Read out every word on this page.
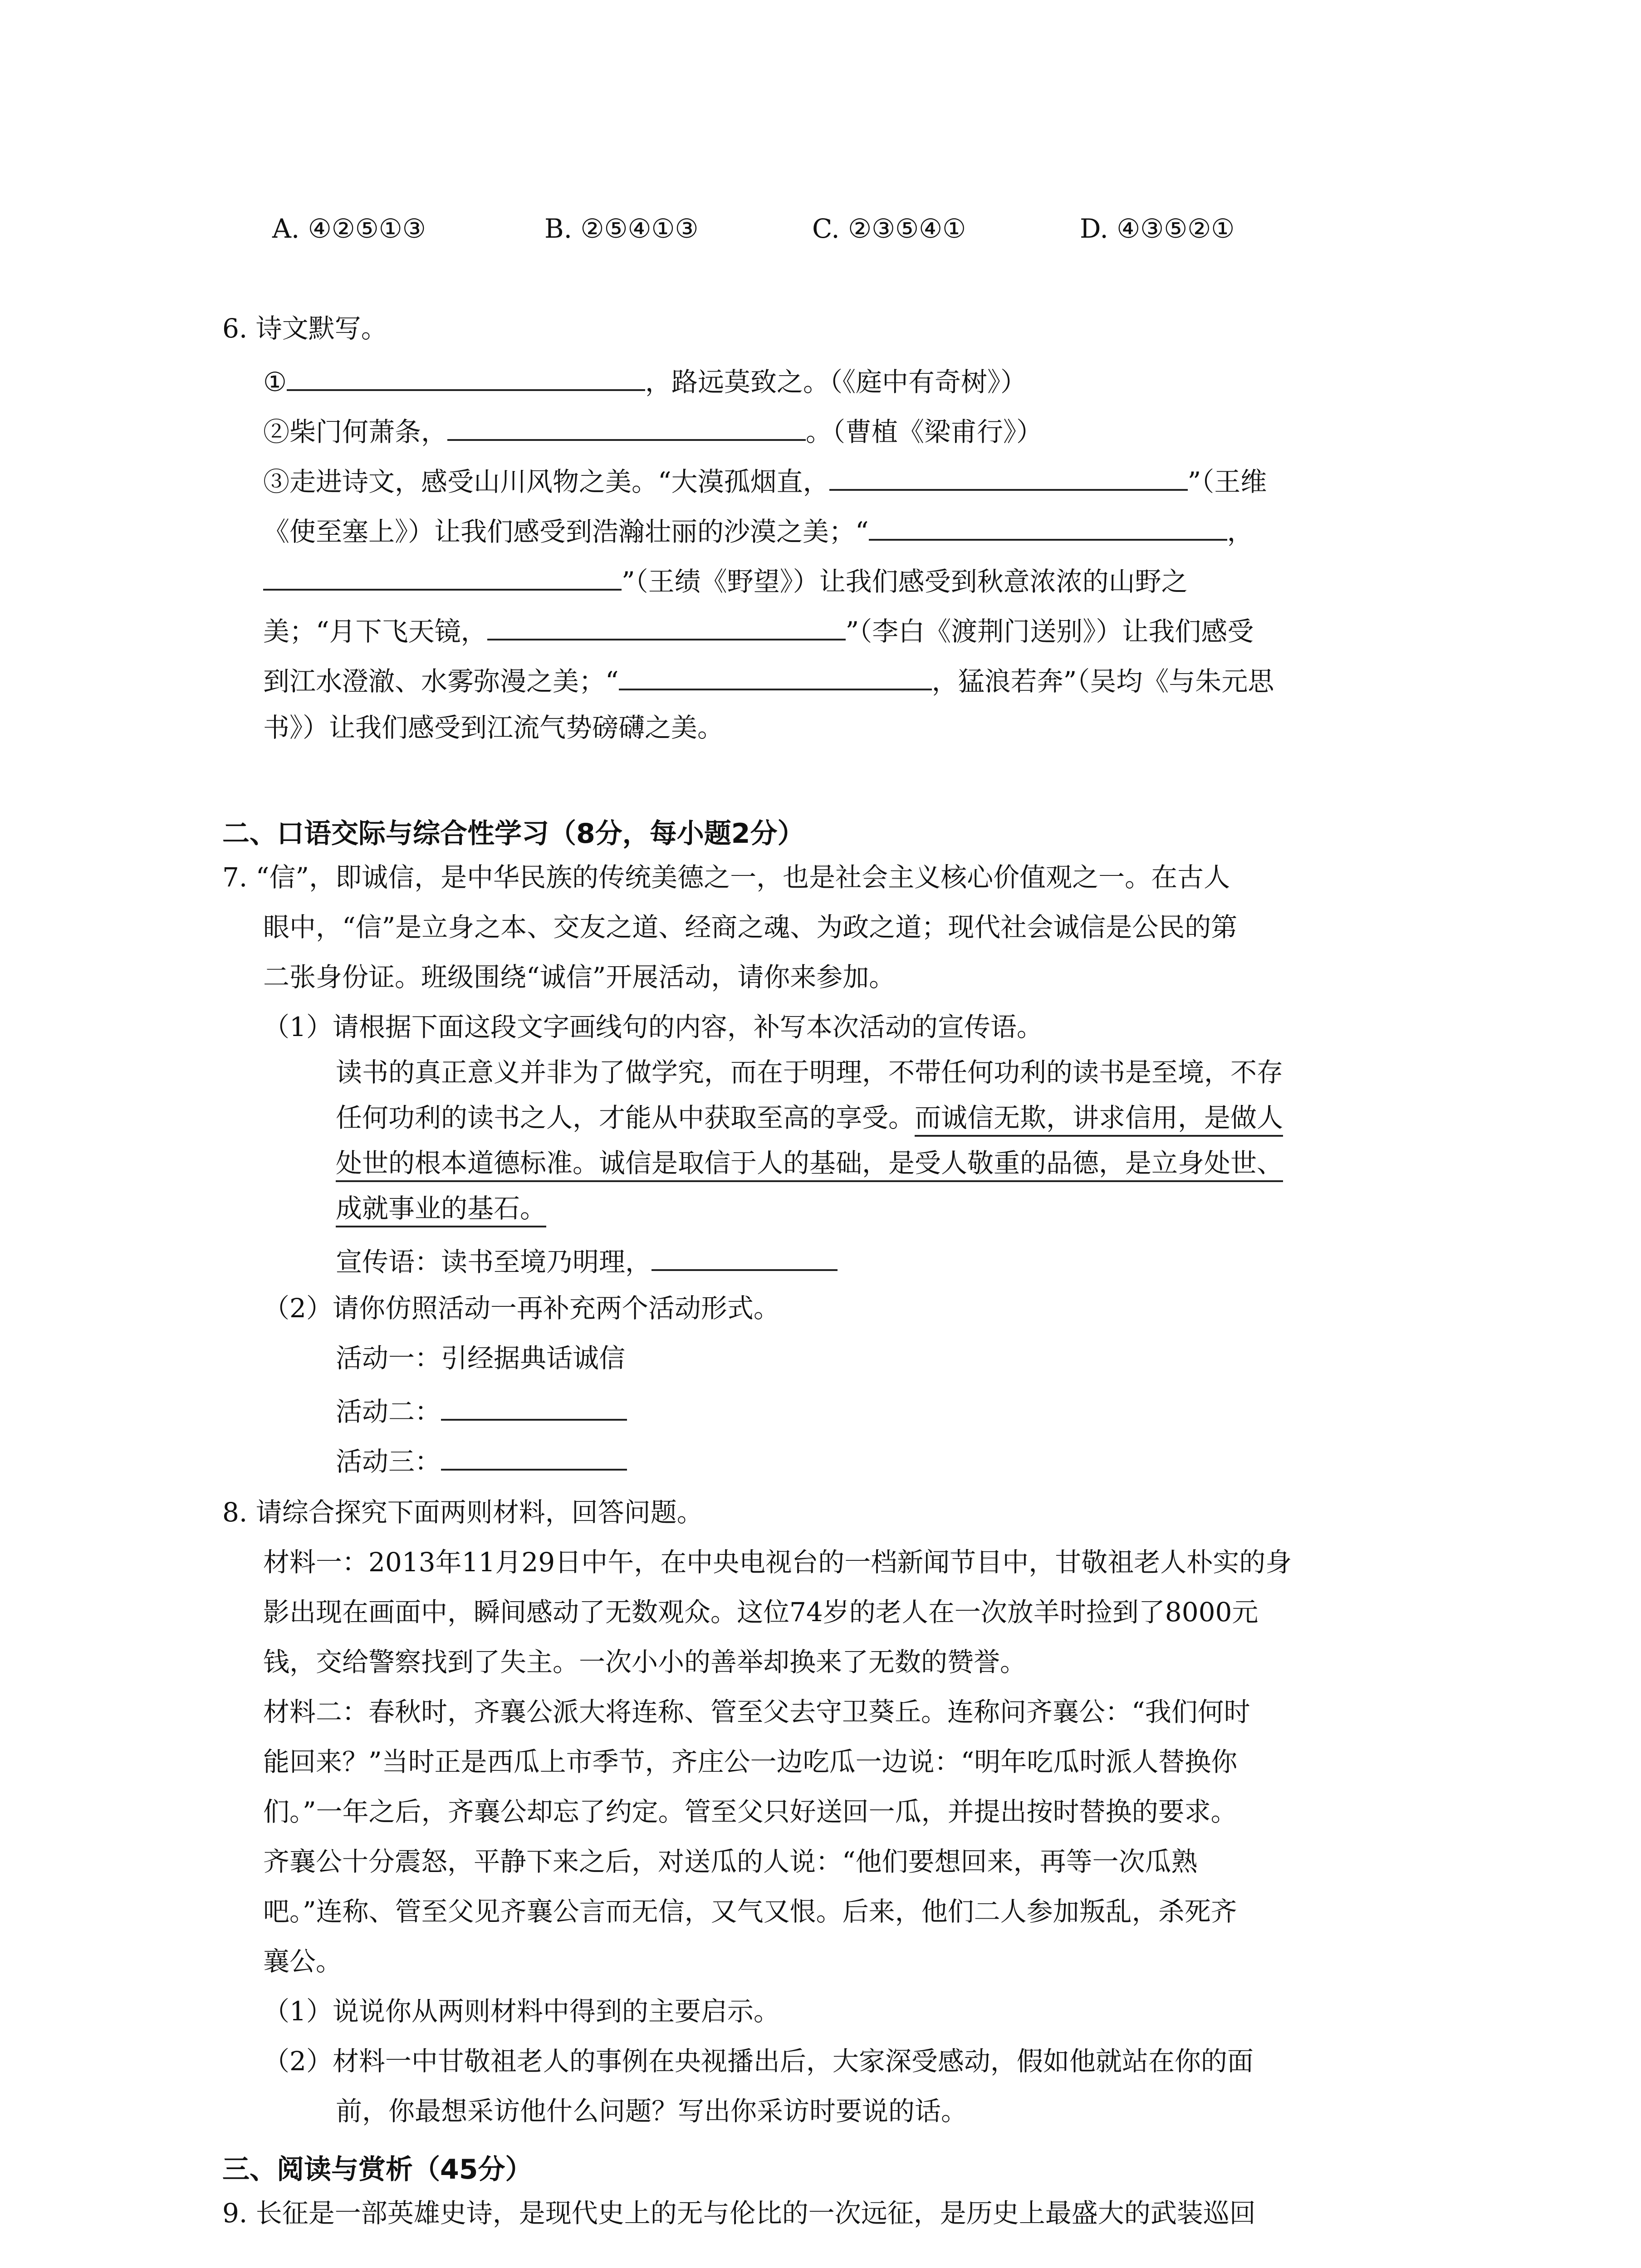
A. ④②⑤①③	B. ②⑤④①③	C. ②③⑤④①	D. ④③⑤②①
6. 诗文默写。
①	，路远莫致之。（《庭中有奇树》）
②柴门何萧条，	。（曹植《梁甫行》）
③走进诗文，感受山川风物之美。“大漠孤烟直，	”（王维
《使至塞上》）让我们感受到浩瀚壮丽的沙漠之美；“	，
”（王绩《野望》）让我们感受到秋意浓浓的山野之
美；“月下飞天镜，	”（李白《渡荆门送别》）让我们感受
到江水澄澈、水雾弥漫之美；“	，猛浪若奔”（吴均《与朱元思
书》）让我们感受到江流气势磅礴之美。
二、口语交际与综合性学习（8分，每小题2分）
7. “信”，即诚信，是中华民族的传统美德之一，也是社会主义核心价值观之一。在古人
眼中，“信”是立身之本、交友之道、经商之魂、为政之道；现代社会诚信是公民的第
二张身份证。班级围绕“诚信”开展活动，请你来参加。
（1）请根据下面这段文字画线句的内容，补写本次活动的宣传语。
读书的真正意义并非为了做学究，而在于明理，不带任何功利的读书是至境，不存
任何功利的读书之人，才能从中获取至高的享受。而诚信无欺，讲求信用，是做人
处世的根本道德标准。诚信是取信于人的基础，是受人敬重的品德，是立身处世、
成就事业的基石。
宣传语：读书至境乃明理，
（2）请你仿照活动一再补充两个活动形式。
活动一：引经据典话诚信
活动二：
活动三：
8. 请综合探究下面两则材料，回答问题。
材料一：2013年11月29日中午，在中央电视台的一档新闻节目中，甘敬祖老人朴实的身
影出现在画面中，瞬间感动了无数观众。这位74岁的老人在一次放羊时捡到了8000元
钱，交给警察找到了失主。一次小小的善举却换来了无数的赞誉。
材料二：春秋时，齐襄公派大将连称、管至父去守卫葵丘。连称问齐襄公：“我们何时
能回来？”当时正是西瓜上市季节，齐庄公一边吃瓜一边说：“明年吃瓜时派人替换你
们。”一年之后，齐襄公却忘了约定。管至父只好送回一瓜，并提出按时替换的要求。
齐襄公十分震怒，平静下来之后，对送瓜的人说：“他们要想回来，再等一次瓜熟
吧。”连称、管至父见齐襄公言而无信，又气又恨。后来，他们二人参加叛乱，杀死齐
襄公。
（1）说说你从两则材料中得到的主要启示。
（2）材料一中甘敬祖老人的事例在央视播出后，大家深受感动，假如他就站在你的面
前，你最想采访他什么问题？写出你采访时要说的话。
三、阅读与赏析（45分）
9. 长征是一部英雄史诗，是现代史上的无与伦比的一次远征，是历史上最盛大的武装巡回
